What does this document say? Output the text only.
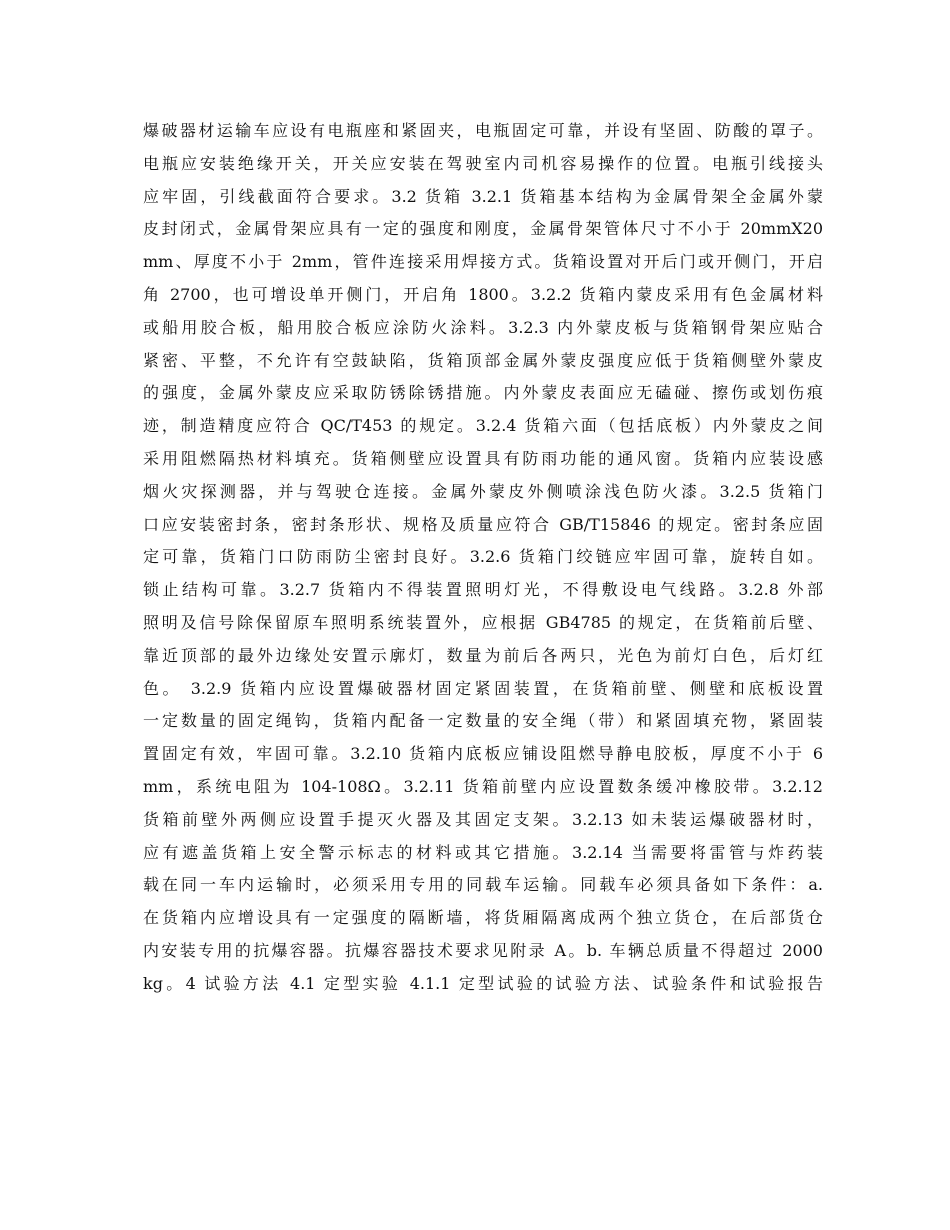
爆破器材运输车应设有电瓶座和紧固夹，电瓶固定可靠，并设有坚固、防酸的罩子。
电瓶应安装绝缘开关，开关应安装在驾驶室内司机容易操作的位置。电瓶引线接头
应牢固，引线截面符合要求。3.2 货箱 3.2.1 货箱基本结构为金属骨架全金属外蒙
皮封闭式，金属骨架应具有一定的强度和刚度，金属骨架管体尺寸不小于 20mmX20
mm、厚度不小于 2mm，管件连接采用焊接方式。货箱设置对开后门或开侧门，开启
角 2700，也可增设单开侧门，开启角 1800。3.2.2 货箱内蒙皮采用有色金属材料
或船用胶合板，船用胶合板应涂防火涂料。3.2.3 内外蒙皮板与货箱钢骨架应贴合
紧密、平整，不允许有空鼓缺陷，货箱顶部金属外蒙皮强度应低于货箱侧壁外蒙皮
的强度，金属外蒙皮应采取防锈除锈措施。内外蒙皮表面应无磕碰、擦伤或划伤痕
迹，制造精度应符合 QC/T453 的规定。3.2.4 货箱六面（包括底板）内外蒙皮之间
采用阻燃隔热材料填充。货箱侧壁应设置具有防雨功能的通风窗。货箱内应装设感
烟火灾探测器，并与驾驶仓连接。金属外蒙皮外侧喷涂浅色防火漆。3.2.5 货箱门
口应安装密封条，密封条形状、规格及质量应符合 GB/T15846 的规定。密封条应固
定可靠，货箱门口防雨防尘密封良好。3.2.6 货箱门绞链应牢固可靠，旋转自如。
锁止结构可靠。3.2.7 货箱内不得装置照明灯光，不得敷设电气线路。3.2.8 外部
照明及信号除保留原车照明系统装置外，应根据 GB4785 的规定，在货箱前后壁、
靠近顶部的最外边缘处安置示廓灯，数量为前后各两只，光色为前灯白色，后灯红
色。 3.2.9 货箱内应设置爆破器材固定紧固装置，在货箱前壁、侧壁和底板设置
一定数量的固定绳钩，货箱内配备一定数量的安全绳（带）和紧固填充物，紧固装
置固定有效，牢固可靠。3.2.10 货箱内底板应铺设阻燃导静电胶板，厚度不小于 6
mm，系统电阻为 104-108Ω。3.2.11 货箱前壁内应设置数条缓冲橡胶带。3.2.12
货箱前壁外两侧应设置手提灭火器及其固定支架。3.2.13 如未装运爆破器材时，
应有遮盖货箱上安全警示标志的材料或其它措施。3.2.14 当需要将雷管与炸药装
载在同一车内运输时，必须采用专用的同载车运输。同载车必须具备如下条件：a.
在货箱内应增设具有一定强度的隔断墙，将货厢隔离成两个独立货仓，在后部货仓
内安装专用的抗爆容器。抗爆容器技术要求见附录 A。b. 车辆总质量不得超过 2000
kg。4 试验方法 4.1 定型实验 4.1.1 定型试验的试验方法、试验条件和试验报告
